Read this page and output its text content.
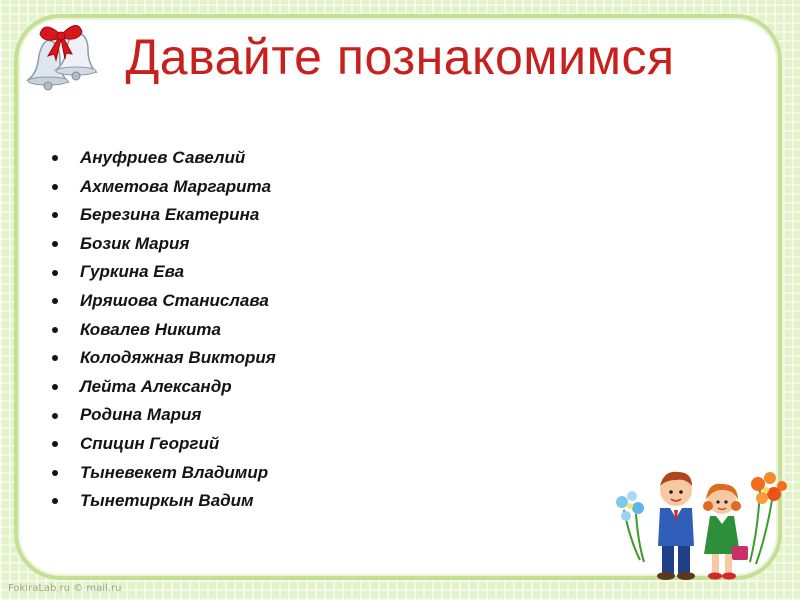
Давайте познакомимся
Ануфриев Савелий
Ахметова Маргарита
Березина Екатерина
Бозик Мария
Гуркина Ева
Иряшова Станислава
Ковалев Никита
Колодяжная Виктория
Лейта Александр
Родина Мария
Спицин Георгий
Тыневекет Владимир
Тынетиркын Вадим
FokiraLab.ru © mail.ru
